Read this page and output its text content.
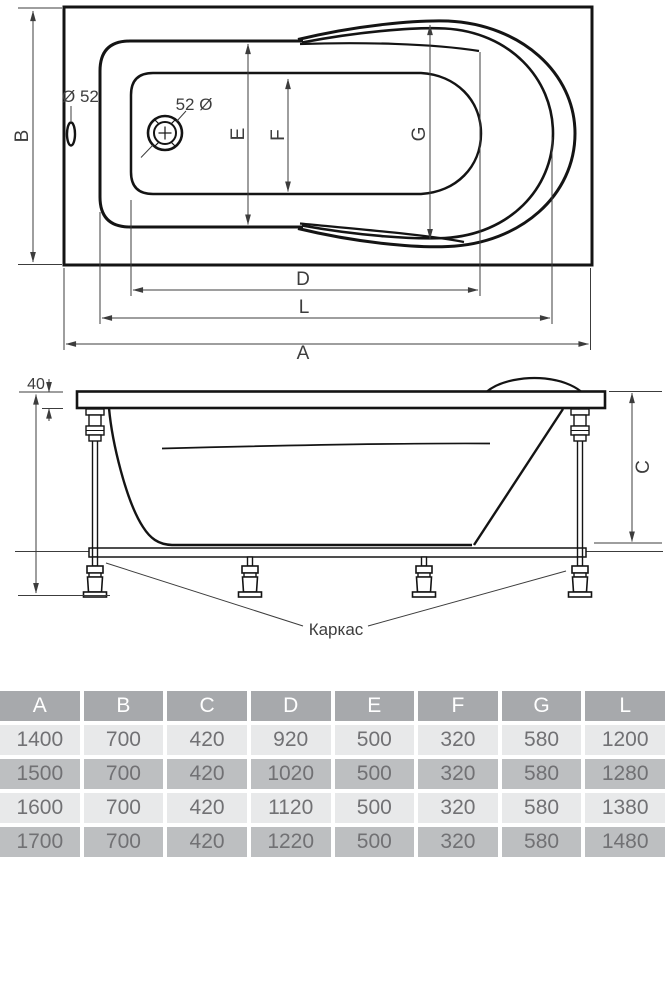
B	E F	G
D
L
A
Ø 52	52 Ø
40
C
Каркас
A	B	C	D	E	F	G	L
1400	700	420	920	500	320	580	1200
1500	700	420	1020	500	320	580	1280
1600	700	420	1120	500	320	580	1380
1700	700	420	1220	500	320	580	1480
